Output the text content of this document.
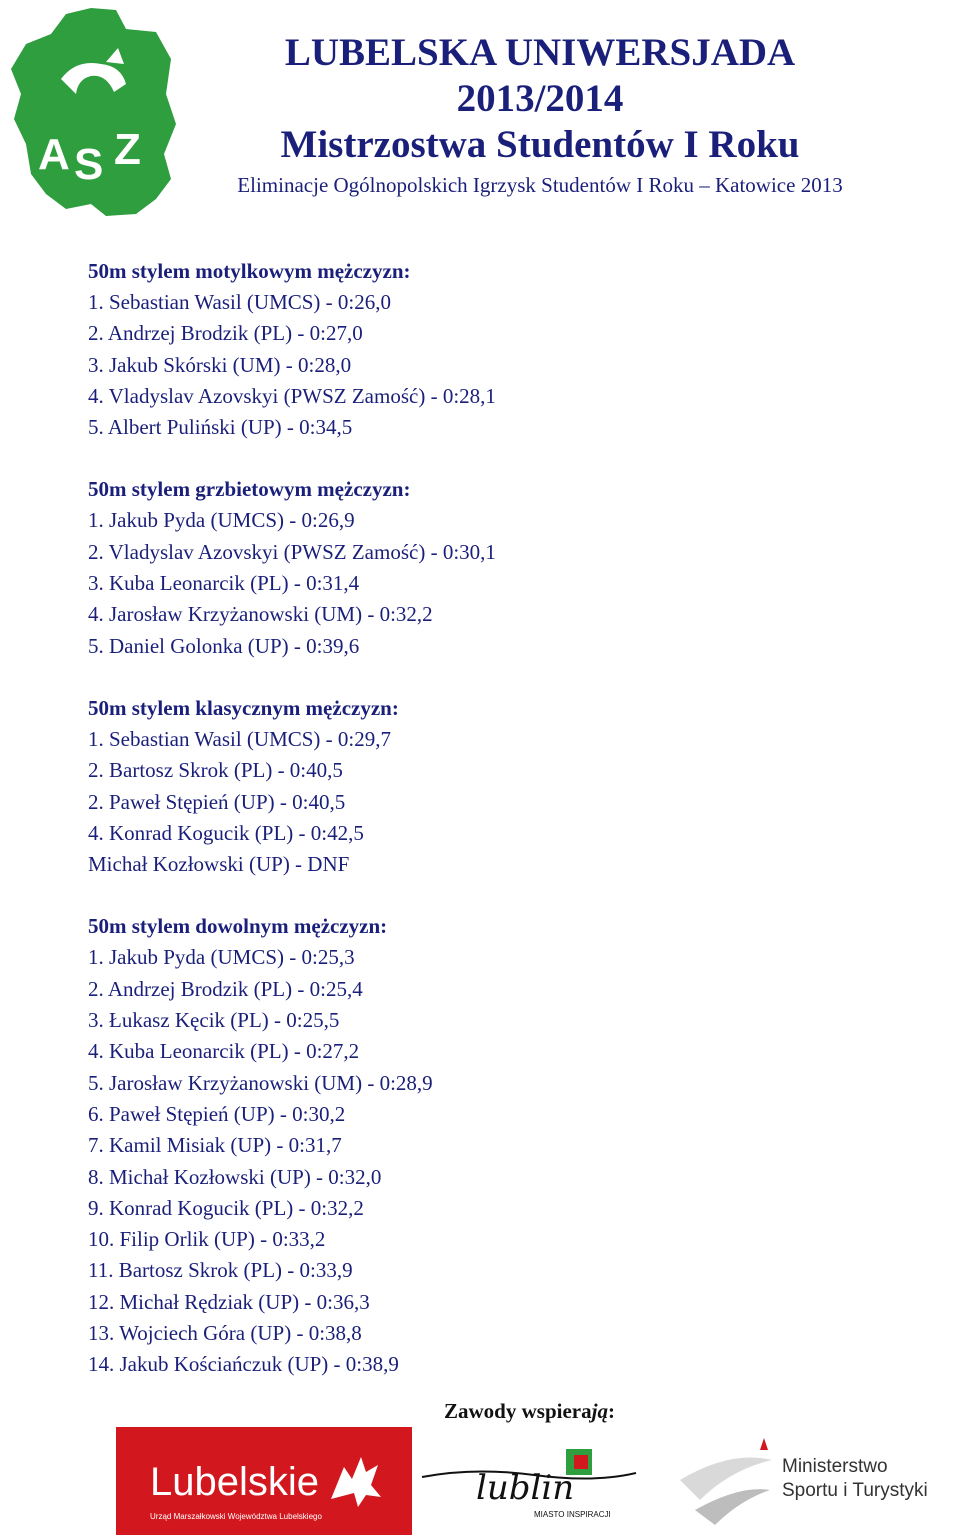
A S Z
LUBELSKA UNIWERSJADA
2013/2014
Mistrzostwa Studentów I Roku
Eliminacje Ogólnopolskich Igrzysk Studentów I Roku – Katowice 2013
50m stylem motylkowym mężczyzn:
1. Sebastian Wasil (UMCS) - 0:26,0
2. Andrzej Brodzik (PL) - 0:27,0
3. Jakub Skórski (UM) - 0:28,0
4. Vladyslav Azovskyi (PWSZ Zamość) - 0:28,1
5. Albert Puliński (UP) - 0:34,5
50m stylem grzbietowym mężczyzn:
1. Jakub Pyda (UMCS) - 0:26,9
2. Vladyslav Azovskyi (PWSZ Zamość) - 0:30,1
3. Kuba Leonarcik (PL) - 0:31,4
4. Jarosław Krzyżanowski (UM) - 0:32,2
5. Daniel Golonka (UP) - 0:39,6
50m stylem klasycznym mężczyzn:
1. Sebastian Wasil (UMCS) - 0:29,7
2. Bartosz Skrok (PL) - 0:40,5
2. Paweł Stępień (UP) - 0:40,5
4. Konrad Kogucik (PL) - 0:42,5
Michał Kozłowski (UP) - DNF
50m stylem dowolnym mężczyzn:
1. Jakub Pyda (UMCS) - 0:25,3
2. Andrzej Brodzik (PL) - 0:25,4
3. Łukasz Kęcik (PL) - 0:25,5
4. Kuba Leonarcik (PL) - 0:27,2
5. Jarosław Krzyżanowski (UM) - 0:28,9
6. Paweł Stępień (UP) - 0:30,2
7. Kamil Misiak (UP) - 0:31,7
8. Michał Kozłowski (UP) - 0:32,0
9. Konrad Kogucik (PL) - 0:32,2
10. Filip Orlik (UP) - 0:33,2
11. Bartosz Skrok (PL) - 0:33,9
12. Michał Rędziak (UP) - 0:36,3
13. Wojciech Góra (UP) - 0:38,8
14. Jakub Kościańczuk (UP) - 0:38,9
Zawody wspierają:
Lubelskie
Urząd Marszałkowski Województwa Lubelskiego
lublin
MIASTO INSPIRACJI
Ministerstwo
Sportu i Turystyki
